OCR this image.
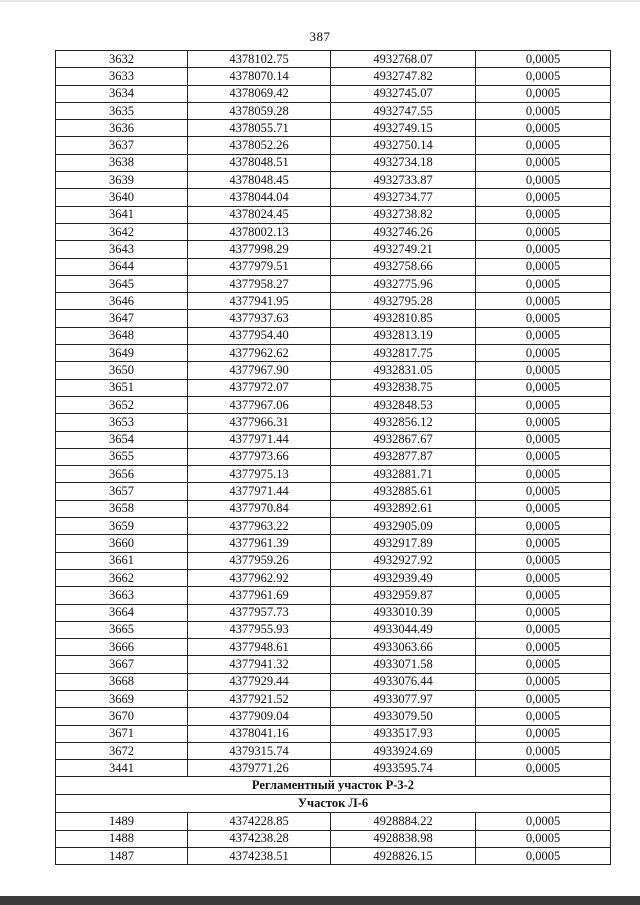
387
3632	4378102.75	4932768.07	0,0005
3633	4378070.14	4932747.82	0,0005
3634	4378069.42	4932745.07	0,0005
3635	4378059.28	4932747.55	0,0005
3636	4378055.71	4932749.15	0,0005
3637	4378052.26	4932750.14	0,0005
3638	4378048.51	4932734.18	0,0005
3639	4378048.45	4932733.87	0,0005
3640	4378044.04	4932734.77	0,0005
3641	4378024.45	4932738.82	0,0005
3642	4378002.13	4932746.26	0,0005
3643	4377998.29	4932749.21	0,0005
3644	4377979.51	4932758.66	0,0005
3645	4377958.27	4932775.96	0,0005
3646	4377941.95	4932795.28	0,0005
3647	4377937.63	4932810.85	0,0005
3648	4377954.40	4932813.19	0,0005
3649	4377962.62	4932817.75	0,0005
3650	4377967.90	4932831.05	0,0005
3651	4377972.07	4932838.75	0,0005
3652	4377967.06	4932848.53	0,0005
3653	4377966.31	4932856.12	0,0005
3654	4377971.44	4932867.67	0,0005
3655	4377973.66	4932877.87	0,0005
3656	4377975.13	4932881.71	0,0005
3657	4377971.44	4932885.61	0,0005
3658	4377970.84	4932892.61	0,0005
3659	4377963.22	4932905.09	0,0005
3660	4377961.39	4932917.89	0,0005
3661	4377959.26	4932927.92	0,0005
3662	4377962.92	4932939.49	0,0005
3663	4377961.69	4932959.87	0,0005
3664	4377957.73	4933010.39	0,0005
3665	4377955.93	4933044.49	0,0005
3666	4377948.61	4933063.66	0,0005
3667	4377941.32	4933071.58	0,0005
3668	4377929.44	4933076.44	0,0005
3669	4377921.52	4933077.97	0,0005
3670	4377909.04	4933079.50	0,0005
3671	4378041.16	4933517.93	0,0005
3672	4379315.74	4933924.69	0,0005
3441	4379771.26	4933595.74	0,0005
Регламентный участок Р-3-2			
Участок Л-6			
1489	4374228.85	4928884.22	0,0005
1488	4374238.28	4928838.98	0,0005
1487	4374238.51	4928826.15	0,0005
